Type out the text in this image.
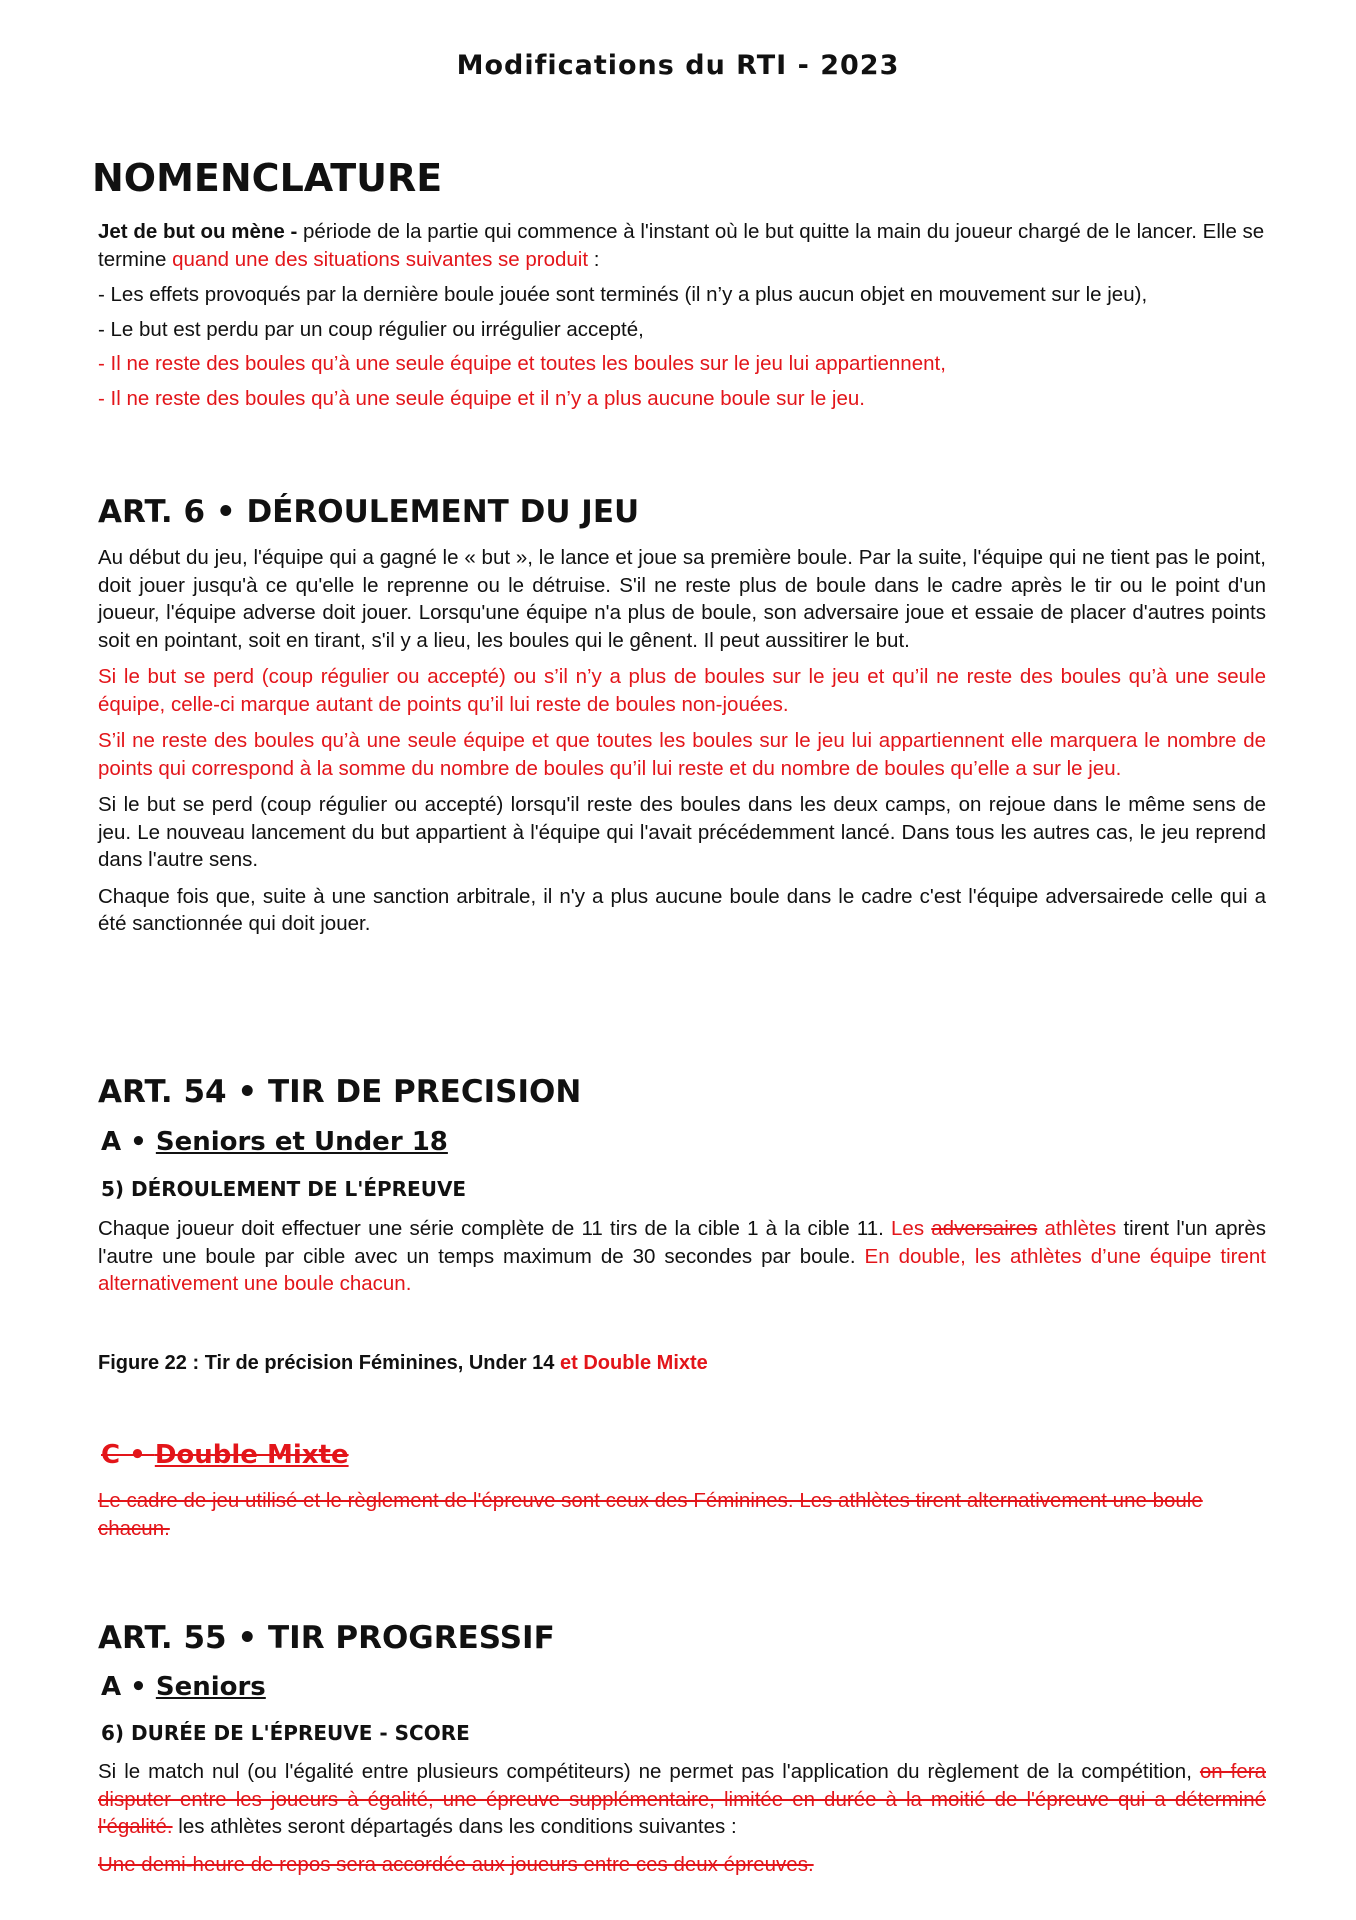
Modifications du RTI - 2023
NOMENCLATURE

Jet de but ou mène - période de la partie qui commence à l'instant où le but quitte la main du joueur chargé de le lancer. Elle se termine quand une des situations suivantes se produit :

- Les effets provoqués par la dernière boule jouée sont terminés (il n’y a plus aucun objet en mouvement sur le jeu),

- Le but est perdu par un coup régulier ou irrégulier accepté,

- Il ne reste des boules qu’à une seule équipe et toutes les boules sur le jeu lui appartiennent,

- Il ne reste des boules qu’à une seule équipe et il n’y a plus aucune boule sur le jeu.

ART. 6 • DÉROULEMENT DU JEU

Au début du jeu, l'équipe qui a gagné le « but », le lance et joue sa première boule. Par la suite, l'équipe qui ne tient pas le point, doit jouer jusqu'à ce qu'elle le reprenne ou le détruise. S'il ne reste plus de boule dans le cadre après le tir ou le point d'un joueur, l'équipe adverse doit jouer. Lorsqu'une équipe n'a plus de boule, son adversaire joue et essaie de placer d'autres points soit en pointant, soit en tirant, s'il y a lieu, les boules qui le gênent. Il peut aussitirer le but.

Si le but se perd (coup régulier ou accepté) ou s’il n’y a plus de boules sur le jeu et qu’il ne reste des boules qu’à une seule équipe, celle-ci marque autant de points qu’il lui reste de boules non-jouées.

S’il ne reste des boules qu’à une seule équipe et que toutes les boules sur le jeu lui appartiennent elle marquera le nombre de points qui correspond à la somme du nombre de boules qu’il lui reste et du nombre de boules qu’elle a sur le jeu.

Si le but se perd (coup régulier ou accepté) lorsqu'il reste des boules dans les deux camps, on rejoue dans le même sens de jeu. Le nouveau lancement du but appartient à l'équipe qui l'avait précédemment lancé. Dans tous les autres cas, le jeu reprend dans l'autre sens.

Chaque fois que, suite à une sanction arbitrale, il n'y a plus aucune boule dans le cadre c'est l'équipe adversairede celle qui a été sanctionnée qui doit jouer.

ART. 54 • TIR DE PRECISION
A • Seniors et Under 18
5) DÉROULEMENT DE L'ÉPREUVE

Chaque joueur doit effectuer une série complète de 11 tirs de la cible 1 à la cible 11. Les adversaires athlètes tirent l'un après l'autre une boule par cible avec un temps maximum de 30 secondes par boule. En double, les athlètes d’une équipe tirent alternativement une boule chacun.

Figure 22 : Tir de précision Féminines, Under 14 et Double Mixte
C • Double Mixte
Le cadre de jeu utilisé et le règlement de l'épreuve sont ceux des Féminines. Les athlètes tirent alternativement une boule chacun.
ART. 55 • TIR PROGRESSIF
A • Seniors
6) DURÉE DE L'ÉPREUVE - SCORE

Si le match nul (ou l'égalité entre plusieurs compétiteurs) ne permet pas l'application du règlement de la compétition, on fera disputer entre les joueurs à égalité, une épreuve supplémentaire, limitée en durée à la moitié de l'épreuve qui a déterminé l'égalité. les athlètes seront départagés dans les conditions suivantes :

Une demi-heure de repos sera accordée aux joueurs entre ces deux épreuves.
